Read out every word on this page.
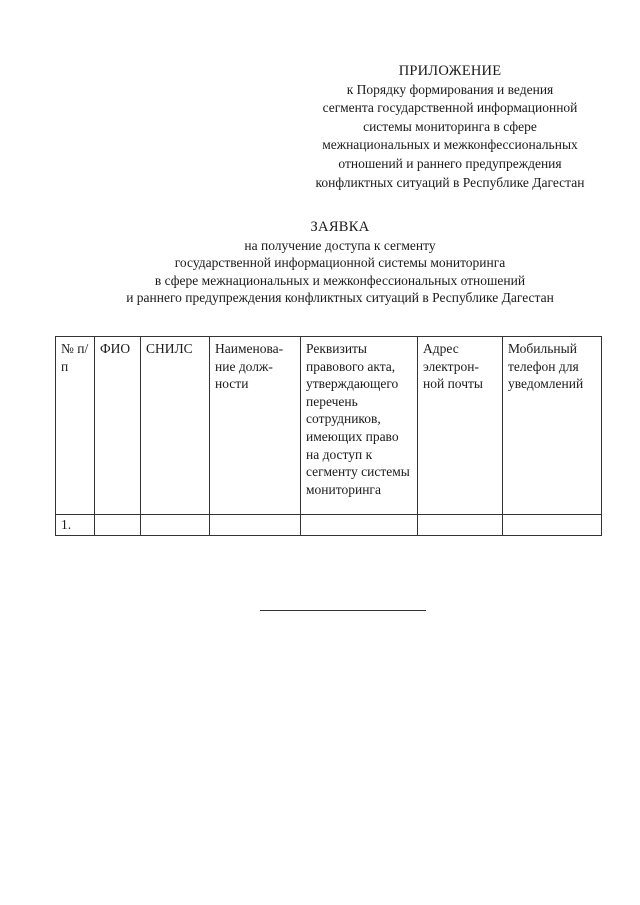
ПРИЛОЖЕНИЕ
к Порядку формирования и ведения
сегмента государственной информационной
системы мониторинга в сфере
межнациональных и межконфессиональных
отношений и раннего предупреждения
конфликтных ситуаций в Республике Дагестан
ЗАЯВКА
на получение доступа к сегменту
государственной информационной системы мониторинга
в сфере межнациональных и межконфессиональных отношений
и раннего предупреждения конфликтных ситуаций в Республике Дагестан
№ п/п	ФИО	СНИЛС	Наименова-ние долж-ности	Реквизиты правового акта, утверждающего перечень сотрудников, имеющих право на доступ к сегменту системы мониторинга	Адрес электрон-ной почты	Мобильный телефон для уведомлений
1.						
